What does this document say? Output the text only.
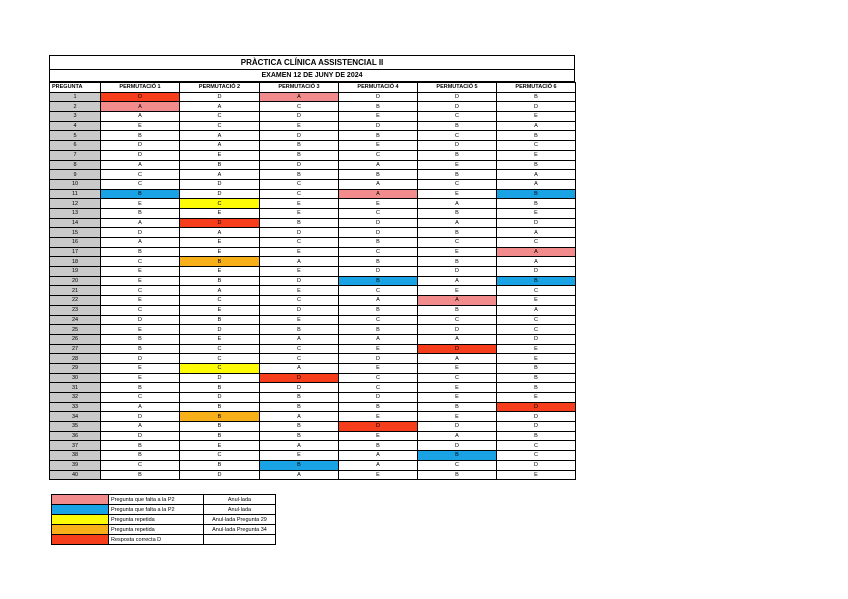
PRÀCTICA CLÍNICA ASSISTENCIAL II
EXAMEN 12 DE JUNY DE 2024
PREGUNTA	PERMUTACIÓ 1	PERMUTACIÓ 2	PERMUTACIÓ 3	PERMUTACIÓ 4	PERMUTACIÓ 5	PERMUTACIÓ 6
1	D	D	A	D	D	B
2	A	A	C	B	D	D
3	A	C	D	E	C	E
4	E	C	E	D	B	A
5	B	A	D	B	C	B
6	D	A	B	E	D	C
7	D	E	B	C	B	E
8	A	B	D	A	E	B
9	C	A	B	B	B	A
10	C	D	C	A	C	A
11	B	D	C	A	E	B
12	E	C	E	E	A	B
13	B	E	E	C	B	E
14	A	D	B	D	A	D
15	D	A	D	D	B	A
16	A	E	C	B	C	C
17	B	E	E	C	E	A
18	C	B	A	B	B	A
19	E	E	E	D	D	D
20	E	B	D	B	A	B
21	C	A	E	C	E	C
22	E	C	C	A	A	E
23	C	E	D	B	B	A
24	D	B	E	C	C	C
25	E	D	B	B	D	C
26	B	E	A	A	A	D
27	B	C	C	E	D	E
28	D	C	C	D	A	E
29	E	C	A	E	E	B
30	E	D	D	C	C	B
31	B	B	D	C	E	B
32	C	D	B	D	E	E
33	A	B	B	B	B	D
34	D	B	A	E	E	D
35	A	B	B	D	D	D
36	D	B	B	E	A	B
37	B	E	A	B	D	C
38	B	C	E	A	B	C
39	C	B	B	A	C	D
40	B	D	A	E	B	E
	Pregunta que falta a la P2	Anul·lada
	Pregunta que falta a la P2	Anul·lada
	Pregunta repetida	Anul·lada Pregunta 29
	Pregunta repetida	Anul·lada Pregunta 34
	Resposta correcta D	
